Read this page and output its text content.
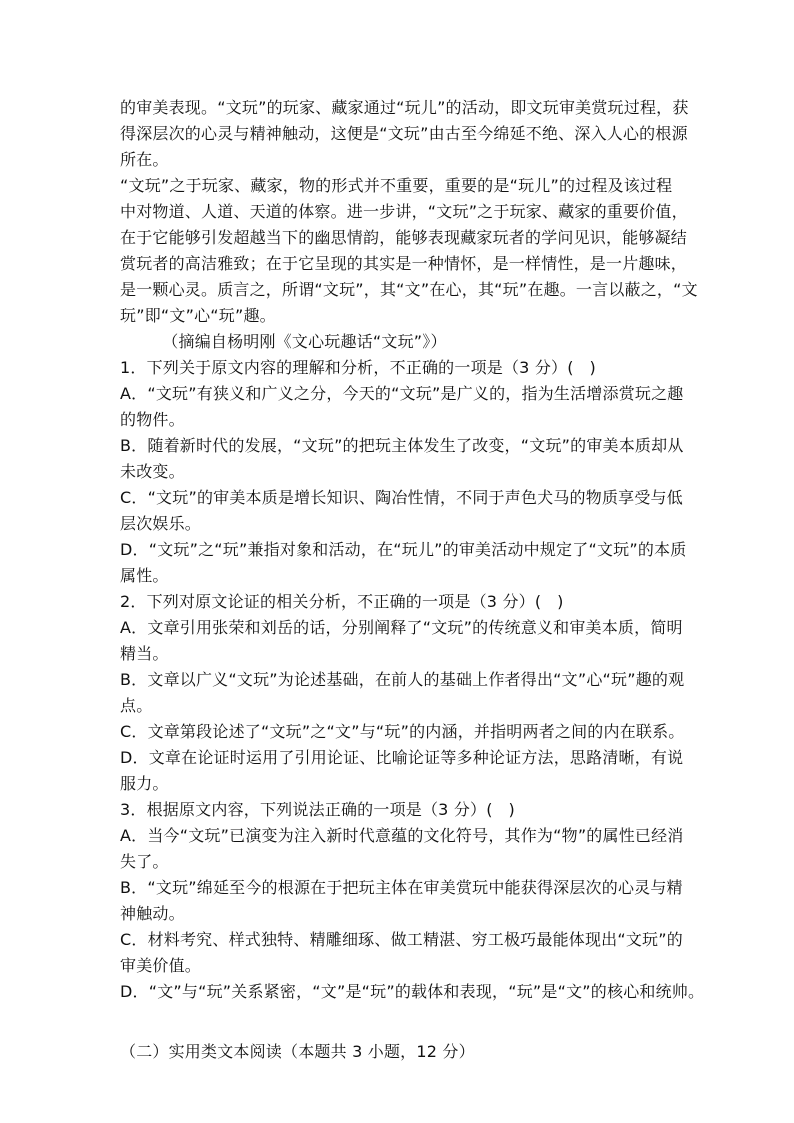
的审美表现。“文玩”的玩家、藏家通过“玩儿”的活动，即文玩审美赏玩过程，获
得深层次的心灵与精神触动，这便是“文玩”由古至今绵延不绝、深入人心的根源
所在。
“文玩”之于玩家、藏家，物的形式并不重要，重要的是“玩儿”的过程及该过程
中对物道、人道、天道的体察。进一步讲，“文玩”之于玩家、藏家的重要价值，
在于它能够引发超越当下的幽思情韵，能够表现藏家玩者的学问见识，能够凝结
赏玩者的高洁雅致；在于它呈现的其实是一种情怀，是一样情性，是一片趣味，
是一颗心灵。质言之，所谓“文玩”，其“文”在心，其“玩”在趣。一言以蔽之，“文
玩”即“文”心“玩”趣。
（摘编自杨明刚《文心玩趣话“文玩”》）
1．下列关于原文内容的理解和分析，不正确的一项是（3 分）(   )
A．“文玩”有狭义和广义之分，今天的“文玩”是广义的，指为生活增添赏玩之趣
的物件。
B．随着新时代的发展，“文玩”的把玩主体发生了改变，“文玩”的审美本质却从
未改变。
C．“文玩”的审美本质是增长知识、陶冶性情，不同于声色犬马的物质享受与低
层次娱乐。
D．“文玩”之“玩”兼指对象和活动，在“玩儿”的审美活动中规定了“文玩”的本质
属性。
2．下列对原文论证的相关分析，不正确的一项是（3 分）(   )
A．文章引用张荣和刘岳的话，分别阐释了“文玩”的传统意义和审美本质，简明
精当。
B．文章以广义“文玩”为论述基础，在前人的基础上作者得出“文”心“玩”趣的观
点。
C．文章第段论述了“文玩”之“文”与“玩”的内涵，并指明两者之间的内在联系。
D．文章在论证时运用了引用论证、比喻论证等多种论证方法，思路清晰，有说
服力。
3．根据原文内容，下列说法正确的一项是（3 分）(   )
A．当今“文玩”已演变为注入新时代意蕴的文化符号，其作为“物”的属性已经消
失了。
B．“文玩”绵延至今的根源在于把玩主体在审美赏玩中能获得深层次的心灵与精
神触动。
C．材料考究、样式独特、精雕细琢、做工精湛、穷工极巧最能体现出“文玩”的
审美价值。
D．“文”与“玩”关系紧密，“文”是“玩”的载体和表现，“玩”是“文”的核心和统帅。
（二）实用类文本阅读（本题共 3 小题，12 分）
